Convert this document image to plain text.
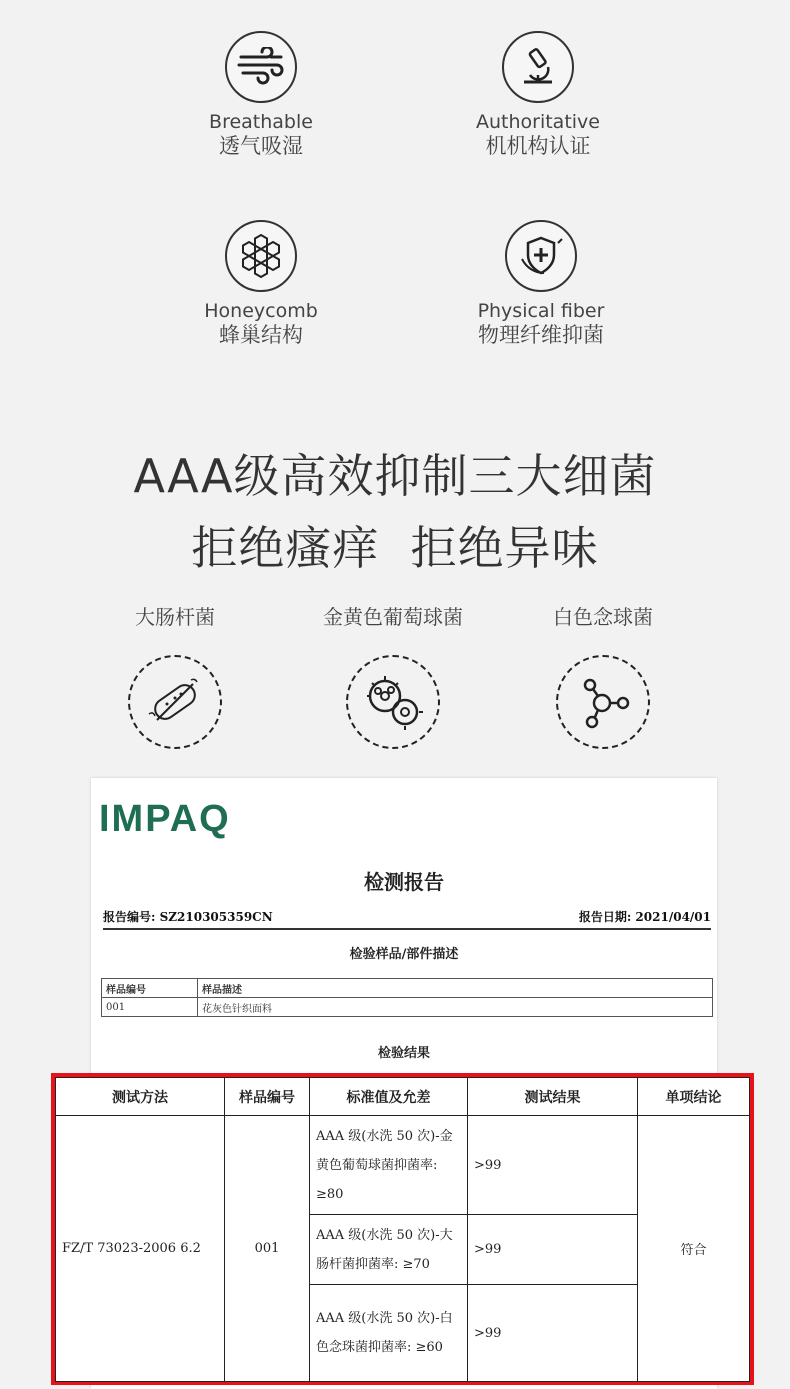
Breathable
透气吸湿
Authoritative
机机构认证
Honeycomb
蜂巢结构
Physical fiber
物理纤维抑菌
AAA级高效抑制三大细菌
拒绝瘙痒  拒绝异味
大肠杆菌	金黄色葡萄球菌	白色念球菌
IMPAQ
检测报告
报告编号: SZ210305359CN	报告日期: 2021/04/01
检验样品/部件描述
样品编号	样品描述
001	花灰色针织面料
检验结果
测试方法	样品编号	标准值及允差	测试结果	单项结论
FZ/T 73023-2006 6.2	001	AAA 级(水洗 50 次)-金黄色葡萄球菌抑菌率: ≥80	>99	符合
		AAA 级(水洗 50 次)-大肠杆菌抑菌率: ≥70	>99	
		AAA 级(水洗 50 次)-白色念珠菌抑菌率: ≥60	>99	
